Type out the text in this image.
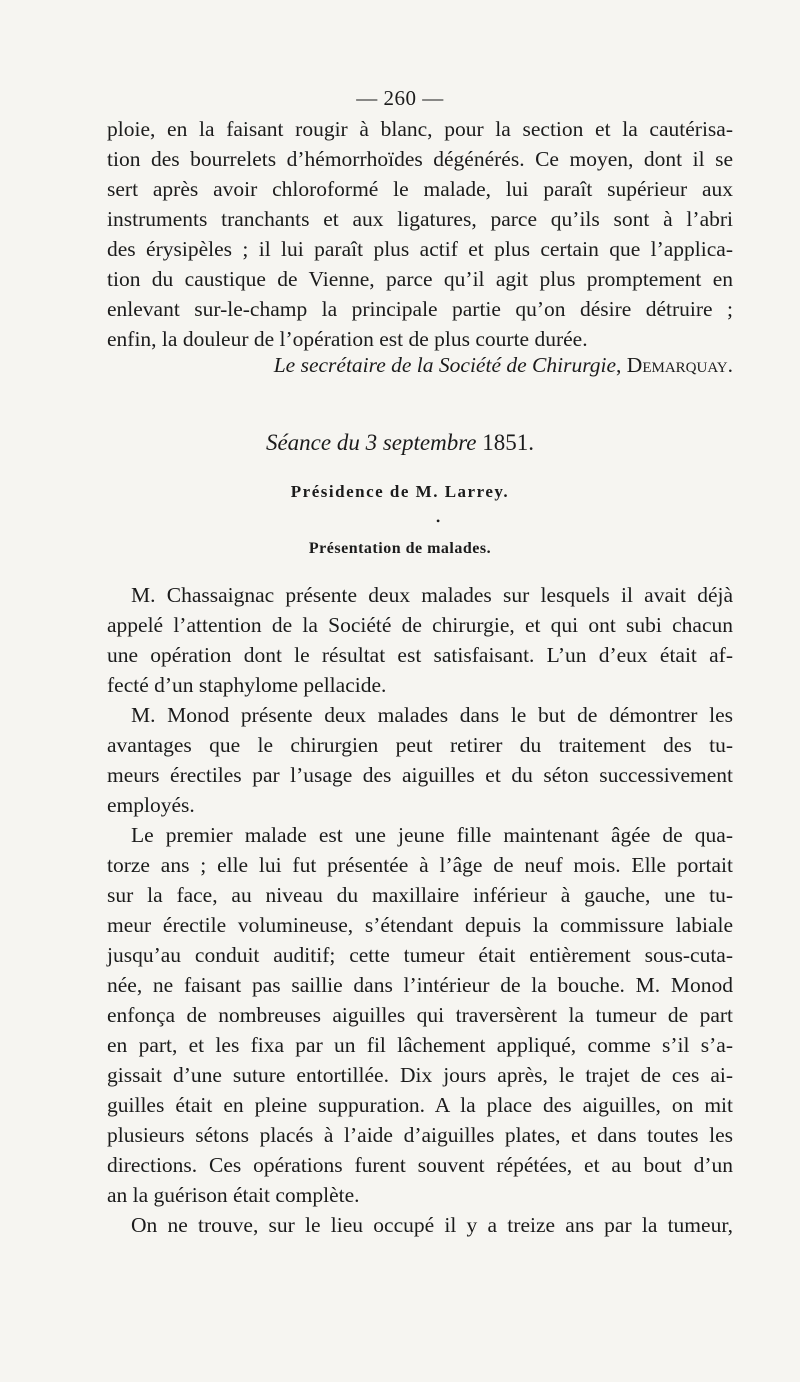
— 260 —
ploie, en la faisant rougir à blanc, pour la section et la cautérisa-
tion des bourrelets d’hémorrhoïdes dégénérés. Ce moyen, dont il se
sert après avoir chloroformé le malade, lui paraît supérieur aux
instruments tranchants et aux ligatures, parce qu’ils sont à l’abri
des érysipèles ; il lui paraît plus actif et plus certain que l’applica-
tion du caustique de Vienne, parce qu’il agit plus promptement en
enlevant sur-le-champ la principale partie qu’on désire détruire ;
enfin, la douleur de l’opération est de plus courte durée.
Le secrétaire de la Société de Chirurgie, Demarquay.
Séance du 3 septembre 1851.
Présidence de M. Larrey.
•
Présentation de malades.
M. Chassaignac présente deux malades sur lesquels il avait déjà
appelé l’attention de la Société de chirurgie, et qui ont subi chacun
une opération dont le résultat est satisfaisant. L’un d’eux était af-
fecté d’un staphylome pellacide.
M. Monod présente deux malades dans le but de démontrer les
avantages que le chirurgien peut retirer du traitement des tu-
meurs érectiles par l’usage des aiguilles et du séton successivement
employés.
Le premier malade est une jeune fille maintenant âgée de qua-
torze ans ; elle lui fut présentée à l’âge de neuf mois. Elle portait
sur la face, au niveau du maxillaire inférieur à gauche, une tu-
meur érectile volumineuse, s’étendant depuis la commissure labiale
jusqu’au conduit auditif; cette tumeur était entièrement sous-cuta-
née, ne faisant pas saillie dans l’intérieur de la bouche. M. Monod
enfonça de nombreuses aiguilles qui traversèrent la tumeur de part
en part, et les fixa par un fil lâchement appliqué, comme s’il s’a-
gissait d’une suture entortillée. Dix jours après, le trajet de ces ai-
guilles était en pleine suppuration. A la place des aiguilles, on mit
plusieurs sétons placés à l’aide d’aiguilles plates, et dans toutes les
directions. Ces opérations furent souvent répétées, et au bout d’un
an la guérison était complète.
On ne trouve, sur le lieu occupé il y a treize ans par la tumeur,
